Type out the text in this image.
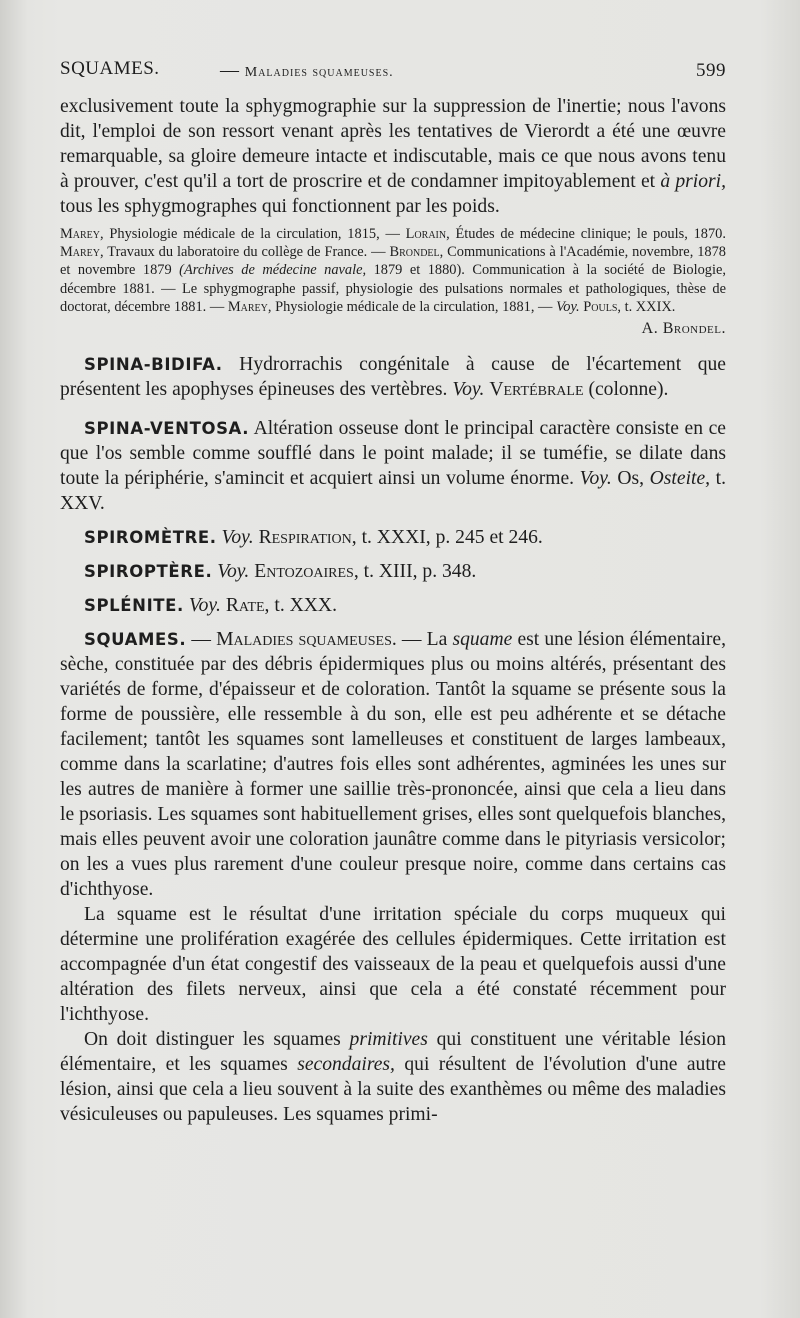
SQUAMES.	— Maladies squameuses.	599

exclusivement toute la sphygmographie sur la suppression de l'inertie; nous l'avons dit, l'emploi de son ressort venant après les tentatives de Vierordt a été une œuvre remarquable, sa gloire demeure intacte et indiscutable, mais ce que nous avons tenu à prouver, c'est qu'il a tort de proscrire et de condamner impitoyablement et à priori, tous les sphygmographes qui fonctionnent par les poids.

Marey, Physiologie médicale de la circulation, 1815, — Lorain, Études de médecine clinique; le pouls, 1870. Marey, Travaux du laboratoire du collège de France. — Brondel, Communications à l'Académie, novembre, 1878 et novembre 1879 (Archives de médecine navale, 1879 et 1880). Communication à la société de Biologie, décembre 1881. — Le sphygmographe passif, physiologie des pulsations normales et pathologiques, thèse de doctorat, décembre 1881. — Marey, Physiologie médicale de la circulation, 1881, — Voy. Pouls, t. XXIX.

A. Brondel.

SPINA-BIDIFA. Hydrorrachis congénitale à cause de l'écartement que présentent les apophyses épineuses des vertèbres. Voy. Vertébrale (colonne).

SPINA-VENTOSA. Altération osseuse dont le principal caractère consiste en ce que l'os semble comme soufflé dans le point malade; il se tuméfie, se dilate dans toute la périphérie, s'amincit et acquiert ainsi un volume énorme. Voy. Os, Osteite, t. XXV.

SPIROMÈTRE. Voy. Respiration, t. XXXI, p. 245 et 246.

SPIROPTÈRE. Voy. Entozoaires, t. XIII, p. 348.

SPLÉNITE. Voy. Rate, t. XXX.

SQUAMES. — Maladies squameuses. — La squame est une lésion élémentaire, sèche, constituée par des débris épidermiques plus ou moins altérés, présentant des variétés de forme, d'épaisseur et de coloration. Tantôt la squame se présente sous la forme de poussière, elle ressemble à du son, elle est peu adhérente et se détache facilement; tantôt les squames sont lamelleuses et constituent de larges lambeaux, comme dans la scarlatine; d'autres fois elles sont adhérentes, agminées les unes sur les autres de manière à former une saillie très-prononcée, ainsi que cela a lieu dans le psoriasis. Les squames sont habituellement grises, elles sont quelquefois blanches, mais elles peuvent avoir une coloration jaunâtre comme dans le pityriasis versicolor; on les a vues plus rarement d'une couleur presque noire, comme dans certains cas d'ichthyose.

La squame est le résultat d'une irritation spéciale du corps muqueux qui détermine une prolifération exagérée des cellules épidermiques. Cette irritation est accompagnée d'un état congestif des vaisseaux de la peau et quelquefois aussi d'une altération des filets nerveux, ainsi que cela a été constaté récemment pour l'ichthyose.

On doit distinguer les squames primitives qui constituent une véritable lésion élémentaire, et les squames secondaires, qui résultent de l'évolution d'une autre lésion, ainsi que cela a lieu souvent à la suite des exanthèmes ou même des maladies vésiculeuses ou papuleuses. Les squames primi-
